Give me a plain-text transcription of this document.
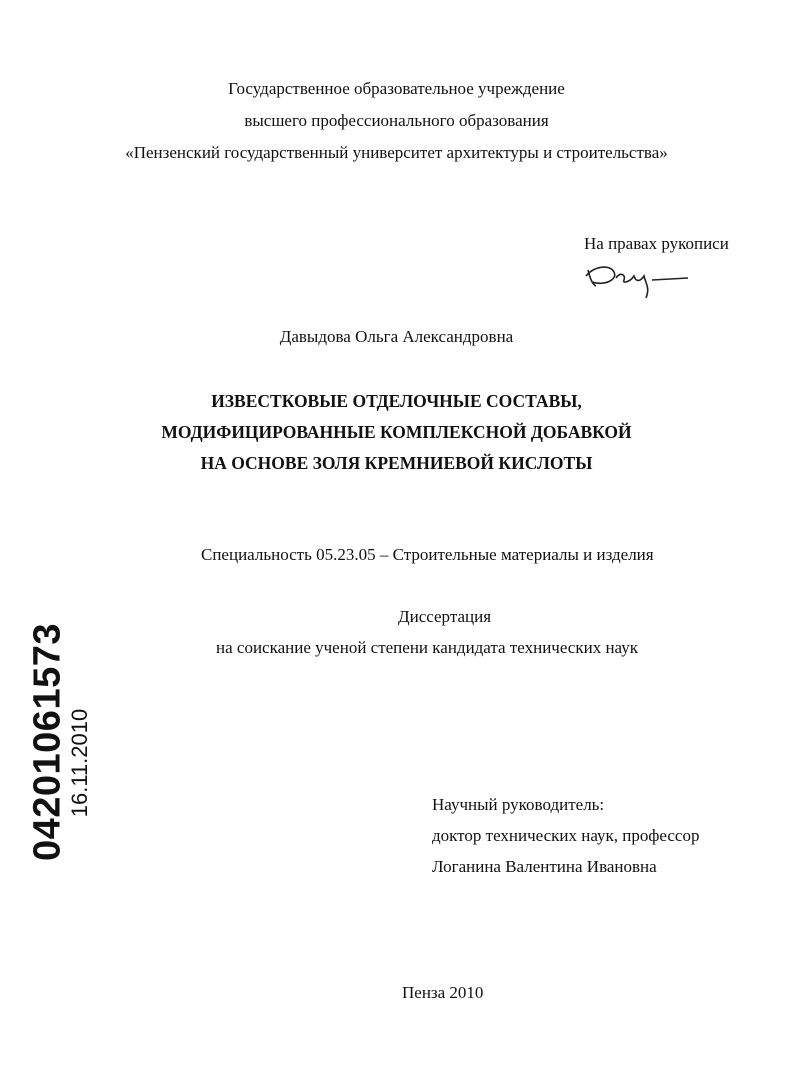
Государственное образовательное учреждение
высшего профессионального образования
«Пензенский государственный университет архитектуры и строительства»
На правах рукописи
Давыдова Ольга Александровна
ИЗВЕСТКОВЫЕ ОТДЕЛОЧНЫЕ СОСТАВЫ,
МОДИФИЦИРОВАННЫЕ КОМПЛЕКСНОЙ ДОБАВКОЙ
НА ОСНОВЕ ЗОЛЯ КРЕМНИЕВОЙ КИСЛОТЫ
Специальность 05.23.05 – Строительные материалы и изделия
Диссертация
на соискание ученой степени кандидата технических наук
Научный руководитель:
доктор технических наук, профессор
Логанина Валентина Ивановна
Пенза 2010
04201061573
16.11.2010
